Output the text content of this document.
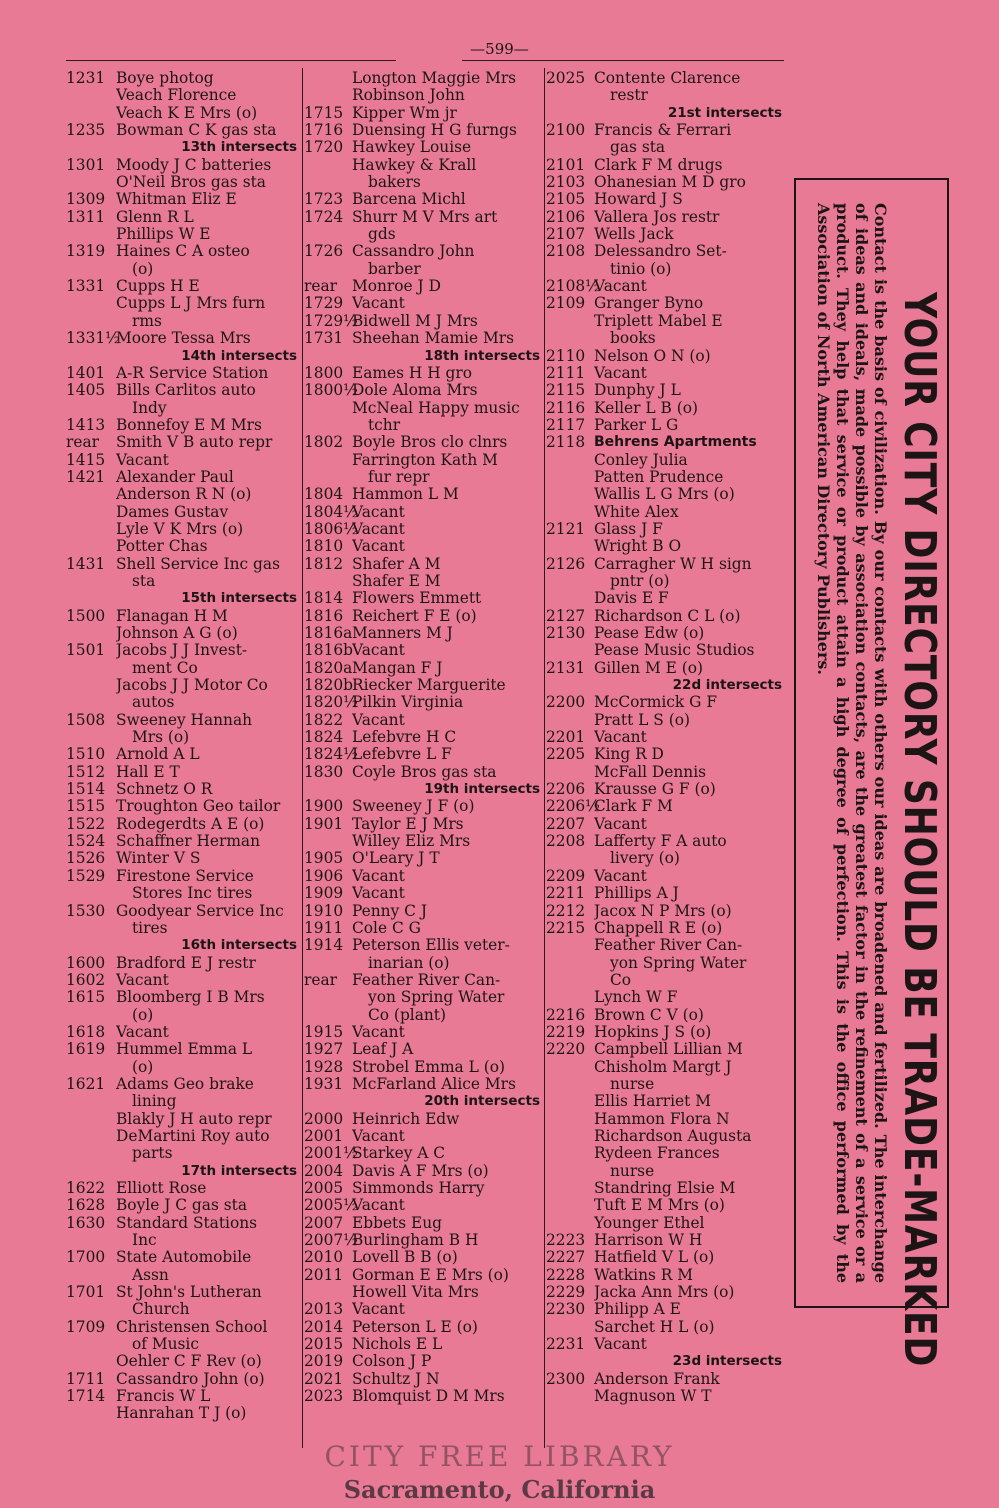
—599—
1231 Boye photog
Veach Florence
Veach K E Mrs (o)
1235 Bowman C K gas sta
13th intersects
1301 Moody J C batteries
O'Neil Bros gas sta
1309 Whitman Eliz E
1311 Glenn R L
Phillips W E
1319 Haines C A osteo
(o)
1331 Cupps H E
Cupps L J Mrs furn
rms
1331½
Moore Tessa Mrs
14th intersects
1401 A-R Service Station
1405 Bills Carlitos auto
Indy
1413 Bonnefoy E M Mrs
rear	Smith V B auto repr
1415 Vacant
1421 Alexander Paul
Anderson R N (o)
Dames Gustav
Lyle V K Mrs (o)
Potter Chas
1431 Shell Service Inc gas
sta
15th intersects
1500 Flanagan H M
Johnson A G (o)
1501 Jacobs J J Invest-
ment Co
Jacobs J J Motor Co
autos
1508 Sweeney Hannah
Mrs (o)
1510 Arnold A L
1512 Hall E T
1514 Schnetz O R
1515 Troughton Geo tailor
1522 Rodegerdts A E (o)
1524 Schaffner Herman
1526 Winter V S
1529 Firestone Service
Stores Inc tires
1530 Goodyear Service Inc
tires
16th intersects
1600 Bradford E J restr
1602 Vacant
1615 Bloomberg I B Mrs
(o)
1618 Vacant
1619 Hummel Emma L
(o)
1621 Adams Geo brake
lining
Blakly J H auto repr
DeMartini Roy auto
parts
17th intersects
1622 Elliott Rose
1628 Boyle J C gas sta
1630 Standard Stations
Inc
1700 State Automobile
Assn
1701 St John's Lutheran
Church
1709 Christensen School
of Music
Oehler C F Rev (o)
1711 Cassandro John (o)
1714 Francis W L
Hanrahan T J (o)
Longton Maggie Mrs
Robinson John
1715 Kipper Wm jr
1716 Duensing H G furngs
1720 Hawkey Louise
Hawkey & Krall
bakers
1723 Barcena Michl
1724 Shurr M V Mrs art
gds
1726 Cassandro John
barber
rear Monroe J D
1729 Vacant
1729½
Bidwell M J Mrs
1731 Sheehan Mamie Mrs
18th intersects
1800 Eames H H gro
1800½
Dole Aloma Mrs
McNeal Happy music
tchr
1802 Boyle Bros clo clnrs
Farrington Kath M
fur repr
1804 Hammon L M
1804½
Vacant
1806½
Vacant
1810 Vacant
1812 Shafer A M
Shafer E M
1814 Flowers Emmett
1816 Reichert F E (o)
1816a Manners M J
1816b
Vacant
1820a Mangan F J
1820b
Riecker Marguerite
1820½
Pilkin Virginia
1822 Vacant
1824 Lefebvre H C
1824½
Lefebvre L F
1830 Coyle Bros gas sta
19th intersects
1900 Sweeney J F (o)
1901 Taylor E J Mrs
Willey Eliz Mrs
1905 O'Leary J T
1906 Vacant
1909 Vacant
1910 Penny C J
1911 Cole C G
1914 Peterson Ellis veter-
inarian (o)
rear Feather River Can-
yon Spring Water
Co (plant)
1915 Vacant
1927 Leaf J A
1928 Strobel Emma L (o)
1931 McFarland Alice Mrs
20th intersects
2000 Heinrich Edw
2001 Vacant
2001½
Starkey A C
2004 Davis A F Mrs (o)
2005 Simmonds Harry
2005½
Vacant
2007 Ebbets Eug
2007½
Burlingham B H
2010 Lovell B B (o)
2011 Gorman E E Mrs (o)
Howell Vita Mrs
2013 Vacant
2014 Peterson L E (o)
2015 Nichols E L
2019 Colson J P
2021 Schultz J N
2023 Blomquist D M Mrs
2025 Contente Clarence
restr
21st intersects
2100 Francis & Ferrari
gas sta
2101 Clark F M drugs
2103 Ohanesian M D gro
2105 Howard J S
2106 Vallera Jos restr
2107 Wells Jack
2108 Delessandro Set-
tinio (o)
2108½
Vacant
2109 Granger Byno
Triplett Mabel E
books
2110 Nelson O N (o)
2111 Vacant
2115 Dunphy J L
2116 Keller L B (o)
2117 Parker L G
2118 Behrens Apartments
Conley Julia
Patten Prudence
Wallis L G Mrs (o)
White Alex
2121 Glass J F
Wright B O
2126 Carragher W H sign
pntr (o)
Davis E F
2127 Richardson C L (o)
2130 Pease Edw (o)
Pease Music Studios
2131 Gillen M E (o)
22d intersects
2200 McCormick G F
Pratt L S (o)
2201 Vacant
2205 King R D
McFall Dennis
2206 Krausse G F (o)
2206½
Clark F M
2207 Vacant
2208 Lafferty F A auto
livery (o)
2209 Vacant
2211 Phillips A J
2212 Jacox N P Mrs (o)
2215 Chappell R E (o)
Feather River Can-
yon Spring Water
Co
Lynch W F
2216 Brown C V (o)
2219 Hopkins J S (o)
2220 Campbell Lillian M
Chisholm Margt J
nurse
Ellis Harriet M
Hammon Flora N
Richardson Augusta
Rydeen Frances
nurse
Standring Elsie M
Tuft E M Mrs (o)
Younger Ethel
2223 Harrison W H
2227 Hatfield V L (o)
2228 Watkins R M
2229 Jacka Ann Mrs (o)
2230 Philipp A E
Sarchet H L (o)
2231 Vacant
23d intersects
2300 Anderson Frank
Magnuson W T
YOUR CITY DIRECTORY SHOULD BE TRADE-MARKED
Contact is the basis of civilization. By our contacts with others our ideas are broadened and fertilized. The interchange of ideas and ideals, made possible by association contacts, are the greatest factor in the refinement of a service or a product. They help that service or product attain a high degree of perfection. This is the office performed by the Association of North American Directory Publishers.
CITY FREE LIBRARY
Sacramento, California
